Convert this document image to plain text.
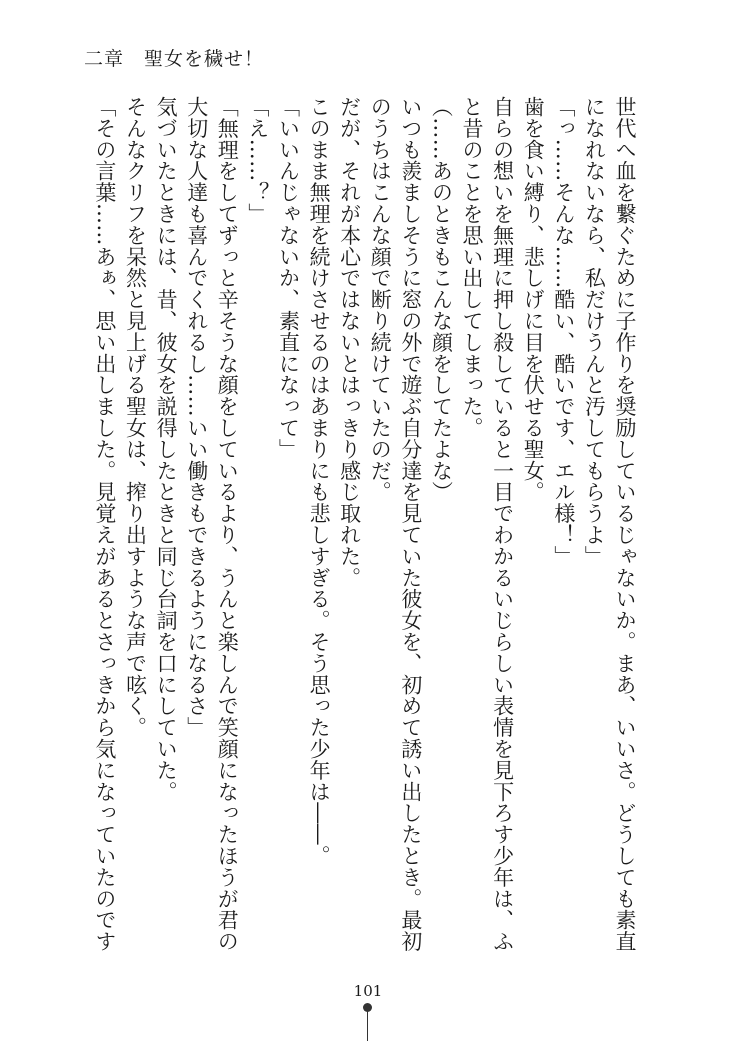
二章　聖女を穢せ！

世代へ血を繋ぐために子作りを奨励しているじゃないか。まあ、いいさ。どうしても素直になれないなら、私だけうんと汚してもらうよ」

「っ……そんな……酷い、酷いです、エル様！」

歯を食い縛り、悲しげに目を伏せる聖女。

自らの想いを無理に押し殺していると一目でわかるいじらしい表情を見下ろす少年は、ふと昔のことを思い出してしまった。

（……あのときもこんな顔をしてたよな）

いつも羨ましそうに窓の外で遊ぶ自分達を見ていた彼女を、初めて誘い出したとき。最初のうちはこんな顔で断り続けていたのだ。

だが、それが本心ではないとはっきり感じ取れた。

このまま無理を続けさせるのはあまりにも悲しすぎる。そう思った少年は――。

「いいんじゃないか、素直になって」

「え……？」

「無理をしてずっと辛そうな顔をしているより、うんと楽しんで笑顔になったほうが君の大切な人達も喜んでくれるし……いい働きもできるようになるさ」

気づいたときには、昔、彼女を説得したときと同じ台詞を口にしていた。

そんなクリフを呆然と見上げる聖女は、搾り出すような声で呟く。

「その言葉……あぁ、思い出しました。見覚えがあるとさっきから気になっていたのです

101
